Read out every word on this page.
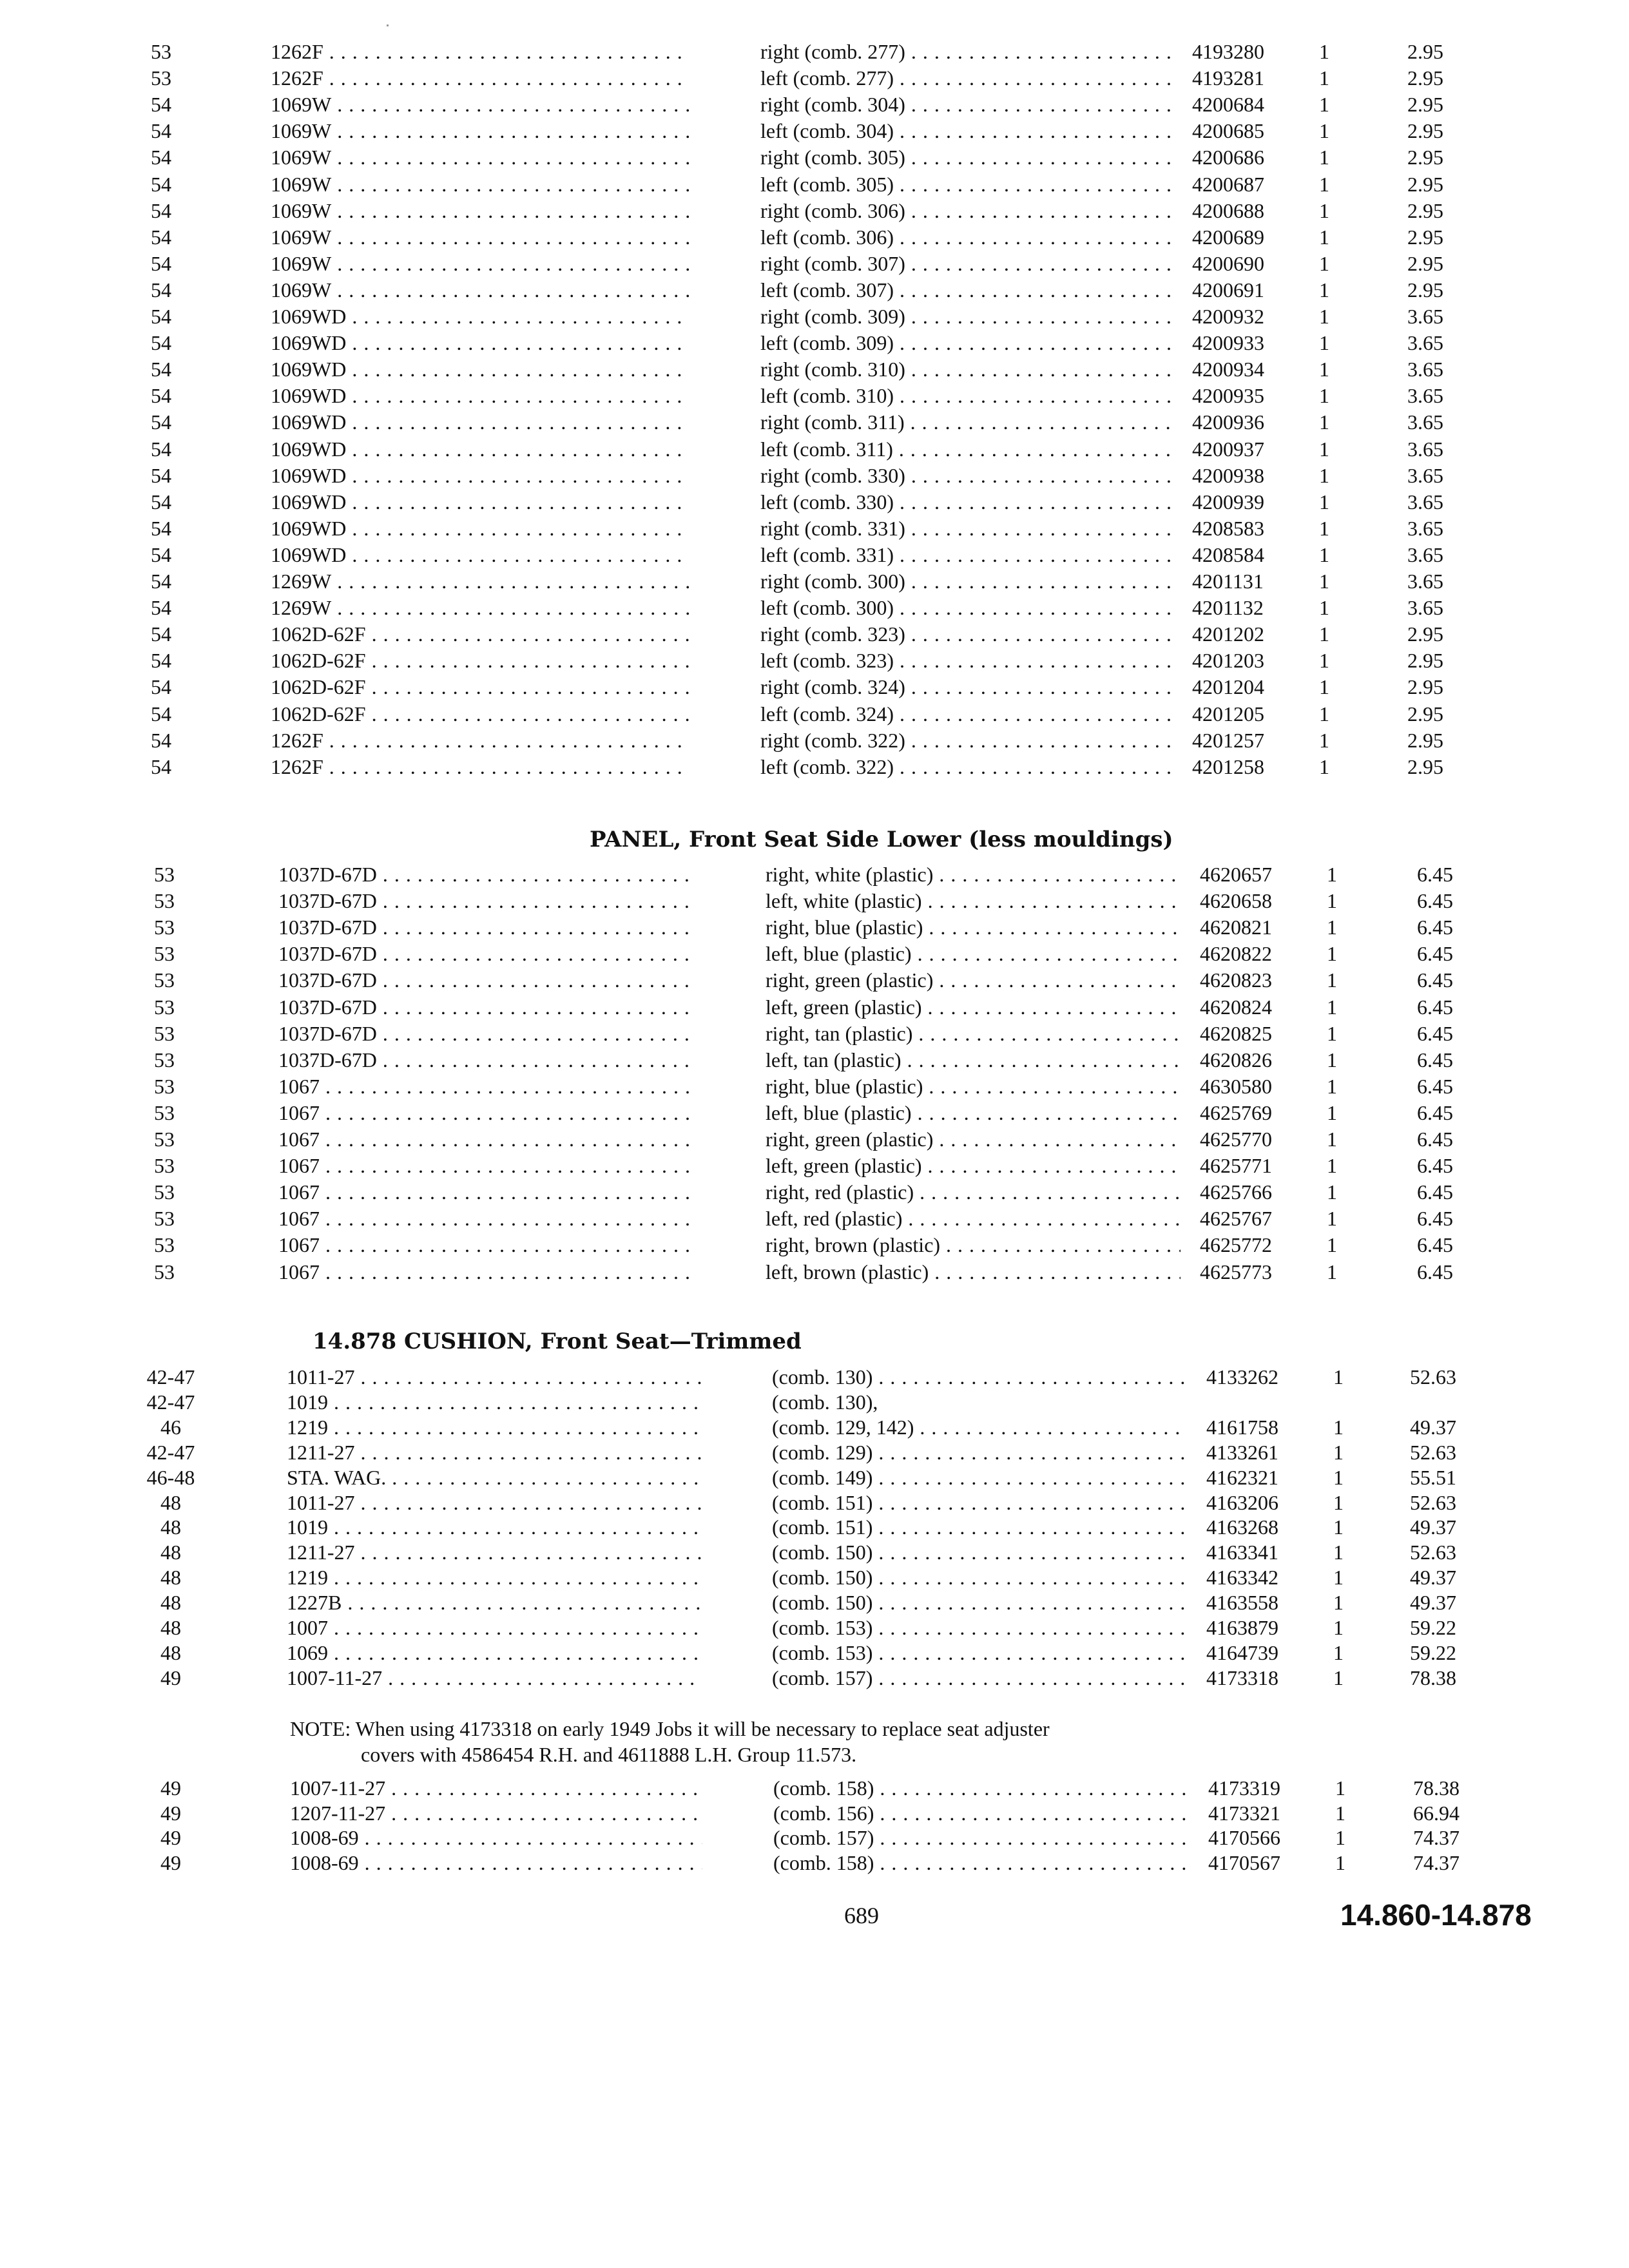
53	1262F . . .	right (comb. 277) . . .	4193280	1	2.95
53	1262F . . .	left (comb. 277) . . .	4193281	1	2.95
54	1069W . . .	right (comb. 304) . . .	4200684	1	2.95
54	1069W . . .	left (comb. 304) . . .	4200685	1	2.95
54	1069W . . .	right (comb. 305) . . .	4200686	1	2.95
54	1069W . . .	left (comb. 305) . . .	4200687	1	2.95
54	1069W . . .	right (comb. 306) . . .	4200688	1	2.95
54	1069W . . .	left (comb. 306) . . .	4200689	1	2.95
54	1069W . . .	right (comb. 307) . . .	4200690	1	2.95
54	1069W . . .	left (comb. 307) . . .	4200691	1	2.95
54	1069WD . . .	right (comb. 309) . . .	4200932	1	3.65
54	1069WD . . .	left (comb. 309) . . .	4200933	1	3.65
54	1069WD . . .	right (comb. 310) . . .	4200934	1	3.65
54	1069WD . . .	left (comb. 310) . . .	4200935	1	3.65
54	1069WD . . .	right (comb. 311) . . .	4200936	1	3.65
54	1069WD . . .	left (comb. 311) . . .	4200937	1	3.65
54	1069WD . . .	right (comb. 330) . . .	4200938	1	3.65
54	1069WD . . .	left (comb. 330) . . .	4200939	1	3.65
54	1069WD . . .	right (comb. 331) . . .	4208583	1	3.65
54	1069WD . . .	left (comb. 331) . . .	4208584	1	3.65
54	1269W . . .	right (comb. 300) . . .	4201131	1	3.65
54	1269W . . .	left (comb. 300) . . .	4201132	1	3.65
54	1062D-62F . . .	right (comb. 323) . . .	4201202	1	2.95
54	1062D-62F . . .	left (comb. 323) . . .	4201203	1	2.95
54	1062D-62F . . .	right (comb. 324) . . .	4201204	1	2.95
54	1062D-62F . . .	left (comb. 324) . . .	4201205	1	2.95
54	1262F . . .	right (comb. 322) . . .	4201257	1	2.95
54	1262F . . .	left (comb. 322) . . .	4201258	1	2.95
53	1037D-67D . . .	right, white (plastic) . . .	4620657	1	6.45
53	1037D-67D . . .	left, white (plastic) . . .	4620658	1	6.45
53	1037D-67D . . .	right, blue (plastic) . . .	4620821	1	6.45
53	1037D-67D . . .	left, blue (plastic) . . .	4620822	1	6.45
53	1037D-67D . . .	right, green (plastic) . . .	4620823	1	6.45
53	1037D-67D . . .	left, green (plastic) . . .	4620824	1	6.45
53	1037D-67D . . .	right, tan (plastic) . . .	4620825	1	6.45
53	1037D-67D . . .	left, tan (plastic) . . .	4620826	1	6.45
53	1067 . . .	right, blue (plastic) . . .	4630580	1	6.45
53	1067 . . .	left, blue (plastic) . . .	4625769	1	6.45
53	1067 . . .	right, green (plastic) . . .	4625770	1	6.45
53	1067 . . .	left, green (plastic) . . .	4625771	1	6.45
53	1067 . . .	right, red (plastic) . . .	4625766	1	6.45
53	1067 . . .	left, red (plastic) . . .	4625767	1	6.45
53	1067 . . .	right, brown (plastic) . . .	4625772	1	6.45
53	1067 . . .	left, brown (plastic) . . .	4625773	1	6.45
42-47	1011-27 . . .	(comb. 130) . . .	4133262	1	52.63
42-47	1019 . . .	(comb. 130),
46	1219 . . .	(comb. 129, 142) . . .	4161758	1	49.37
42-47	1211-27 . . .	(comb. 129) . . .	4133261	1	52.63
46-48	STA. WAG. . . .	(comb. 149) . . .	4162321	1	55.51
48	1011-27 . . .	(comb. 151) . . .	4163206	1	52.63
48	1019 . . .	(comb. 151) . . .	4163268	1	49.37
48	1211-27 . . .	(comb. 150) . . .	4163341	1	52.63
48	1219 . . .	(comb. 150) . . .	4163342	1	49.37
48	1227B . . .	(comb. 150) . . .	4163558	1	49.37
48	1007 . . .	(comb. 153) . . .	4163879	1	59.22
48	1069 . . .	(comb. 153) . . .	4164739	1	59.22
49	1007-11-27 . . .	(comb. 157) . . .	4173318	1	78.38
49	1007-11-27 . . .	(comb. 158) . . .	4173319	1	78.38
49	1207-11-27 . . .	(comb. 156) . . .	4173321	1	66.94
49	1008-69 . . .	(comb. 157) . . .	4170566	1	74.37
49	1008-69 . . .	(comb. 158) . . .	4170567	1	74.37
PANEL, Front Seat Side Lower (less mouldings)
14.878 CUSHION, Front Seat—Trimmed
NOTE: When using 4173318 on early 1949 Jobs it will be necessary to replace seat adjuster
covers with 4586454 R.H. and 4611888 L.H. Group 11.573.
689	14.860-14.878
